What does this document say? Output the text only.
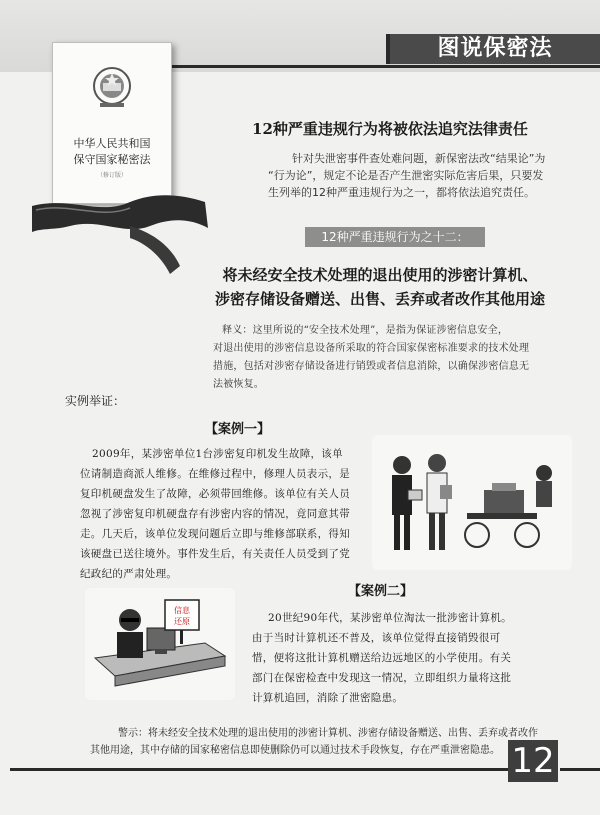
图说保密法
中华人民共和国
保守国家秘密法
（修订版）
12种严重违规行为将被依法追究法律责任
针对失泄密事件查处难问题，新保密法改“结果论”为
“行为论”，规定不论是否产生泄密实际危害后果，只要发
生列举的12种严重违规行为之一，都将依法追究责任。
12种严重违规行为之十二：
将未经安全技术处理的退出使用的涉密计算机、
涉密存储设备赠送、出售、丢弃或者改作其他用途
释义：这里所说的“安全技术处理”，是指为保证涉密信息安全，
对退出使用的涉密信息设备所采取的符合国家保密标准要求的技术处理
措施，包括对涉密存储设备进行销毁或者信息消除，以确保涉密信息无
法被恢复。
实例举证：
【案例一】
2009年，某涉密单位1台涉密复印机发生故障，该单
位请制造商派人维修。在维修过程中，修理人员表示，是
复印机硬盘发生了故障，必须带回维修。该单位有关人员
忽视了涉密复印机硬盘存有涉密内容的情况，竟同意其带
走。几天后，该单位发现问题后立即与维修部联系，得知
该硬盘已送往境外。事件发生后，有关责任人员受到了党
纪政纪的严肃处理。
【案例二】
20世纪90年代，某涉密单位淘汰一批涉密计算机。
由于当时计算机还不普及，该单位觉得直接销毁很可
惜，便将这批计算机赠送给边远地区的小学使用。有关
部门在保密检查中发现这一情况，立即组织力量将这批
计算机追回，消除了泄密隐患。
信息
还原
警示：将未经安全技术处理的退出使用的涉密计算机、涉密存储设备赠送、出售、丢弃或者改作
其他用途，其中存储的国家秘密信息即使删除仍可以通过技术手段恢复，存在严重泄密隐患。 12
